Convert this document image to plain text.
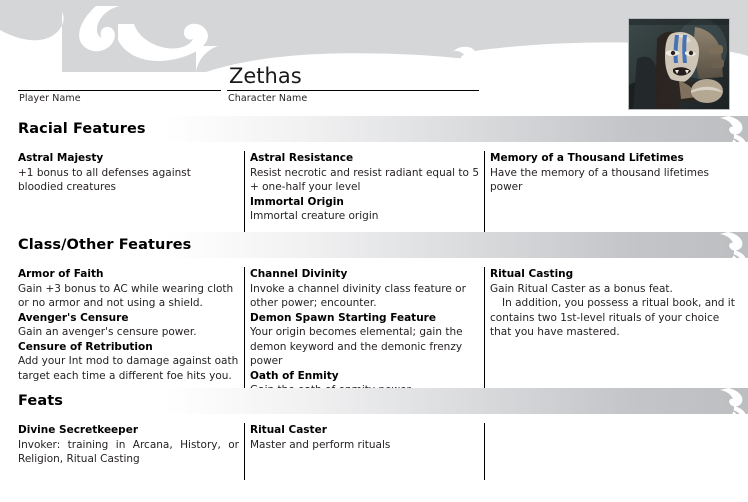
Player Name
Zethas
Character Name
Racial Features
Astral Majesty
+1 bonus to all defenses against bloodied creatures
Astral Resistance
Resist necrotic and resist radiant equal to 5 + one-half your level
Immortal Origin
Immortal creature origin
Memory of a Thousand Lifetimes
Have the memory of a thousand lifetimes power
Class/Other Features
Armor of Faith
Gain +3 bonus to AC while wearing cloth or no armor and not using a shield.
Avenger's Censure
Gain an avenger's censure power.
Censure of Retribution
Add your Int mod to damage against oath target each time a different foe hits you.
Channel Divinity
Invoke a channel divinity class feature or other power; encounter.
Demon Spawn Starting Feature
Your origin becomes elemental; gain the demon keyword and the demonic frenzy power
Oath of Enmity
Ritual Casting
Gain Ritual Caster as a bonus feat.
In addition, you possess a ritual book, and it contains two 1st-level rituals of your choice that you have mastered.
Feats
Divine Secretkeeper
Invoker: training in Arcana, History, or Religion, Ritual Casting
Ritual Caster
Master and perform rituals
